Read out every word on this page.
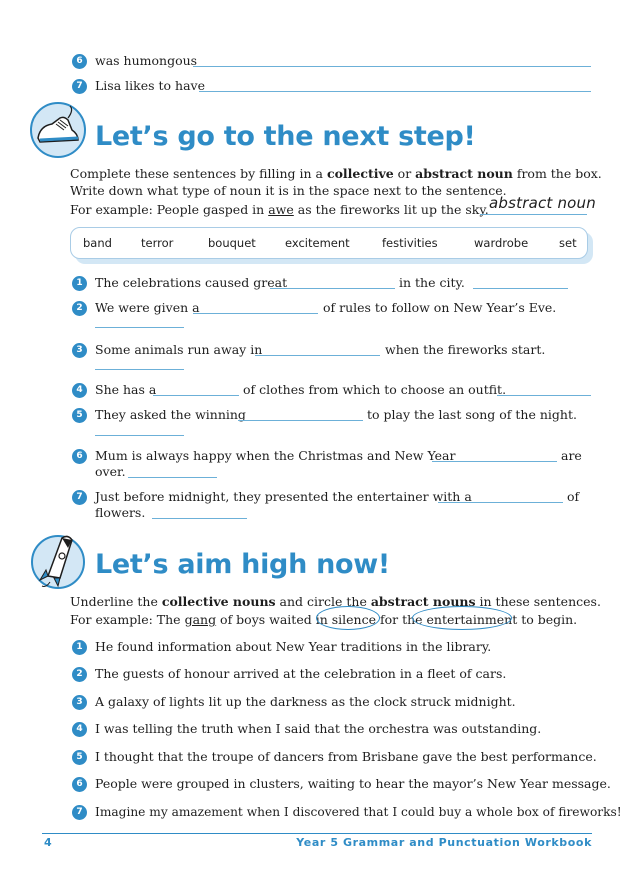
6 was humongous
7 Lisa likes to have
Let’s go to the next step!
Complete these sentences by filling in a collective or abstract noun from the box.
Write down what type of noun it is in the space next to the sentence.
For example: People gasped in awe as the fireworks lit up the sky. abstract noun
band	terror	bouquet	excitement	festivities	wardrobe	set
1 The celebrations caused great	in the city.
2 We were given a	of rules to follow on New Year’s Eve.
3 Some animals run away in	when the fireworks start.
4 She has a	of clothes from which to choose an outfit.
5 They asked the winning	to play the last song of the night.
6 Mum is always happy when the Christmas and New Year	are
over.
7 Just before midnight, they presented the entertainer with a	of
flowers.
Let’s aim high now!
Underline the collective nouns and circle the abstract nouns in these sentences.
For example: The gang of boys waited in silence for the entertainment to begin.
1 He found information about New Year traditions in the library.
2 The guests of honour arrived at the celebration in a fleet of cars.
3 A galaxy of lights lit up the darkness as the clock struck midnight.
4 I was telling the truth when I said that the orchestra was outstanding.
5 I thought that the troupe of dancers from Brisbane gave the best performance.
6 People were grouped in clusters, waiting to hear the mayor’s New Year message.
7	Imagine my amazement when I discovered that I could buy a whole box of fireworks!
4	Year 5 Grammar and Punctuation Workbook
